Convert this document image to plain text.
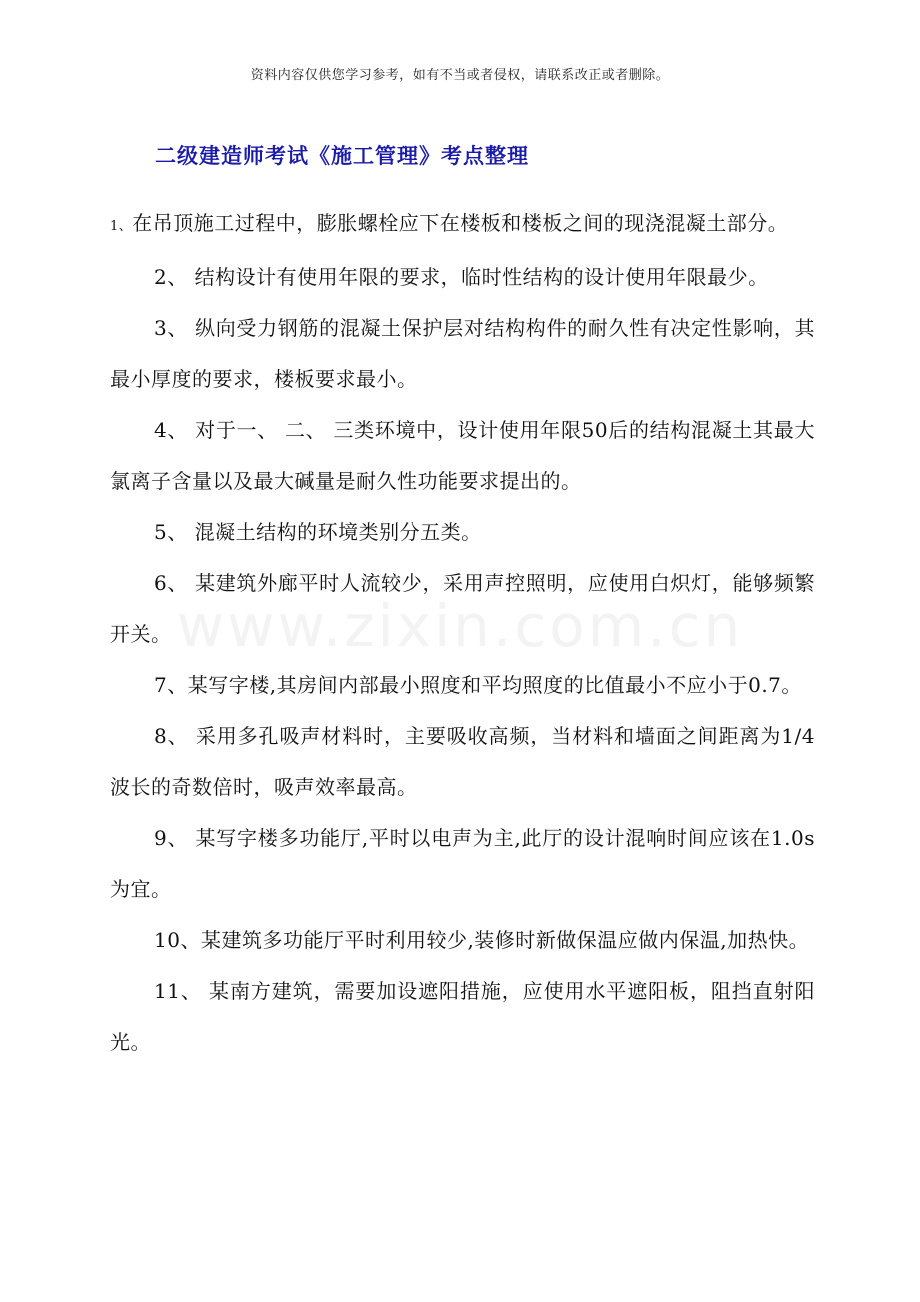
资料内容仅供您学习参考，如有不当或者侵权，请联系改正或者删除。
二级建造师考试《施工管理》考点整理

1、在吊顶施工过程中，膨胀螺栓应下在楼板和楼板之间的现浇混凝土部分。

2、 结构设计有使用年限的要求，临时性结构的设计使用年限最少。

3、 纵向受力钢筋的混凝土保护层对结构构件的耐久性有决定性影响，其最小厚度的要求，楼板要求最小。

4、 对于一、 二、 三类环境中，设计使用年限50后的结构混凝土其最大氯离子含量以及最大碱量是耐久性功能要求提出的。

5、 混凝土结构的环境类别分五类。

6、 某建筑外廊平时人流较少，采用声控照明，应使用白炽灯，能够频繁开关。

7、某写字楼,其房间内部最小照度和平均照度的比值最小不应小于0.7。

8、 采用多孔吸声材料时，主要吸收高频，当材料和墙面之间距离为1/4波长的奇数倍时，吸声效率最高。

9、 某写字楼多功能厅,平时以电声为主,此厅的设计混响时间应该在1.0s 为宜。

10、某建筑多功能厅平时利用较少,装修时新做保温应做内保温,加热快。

11、 某南方建筑，需要加设遮阳措施，应使用水平遮阳板，阻挡直射阳光。

www.zixin.com.cn
